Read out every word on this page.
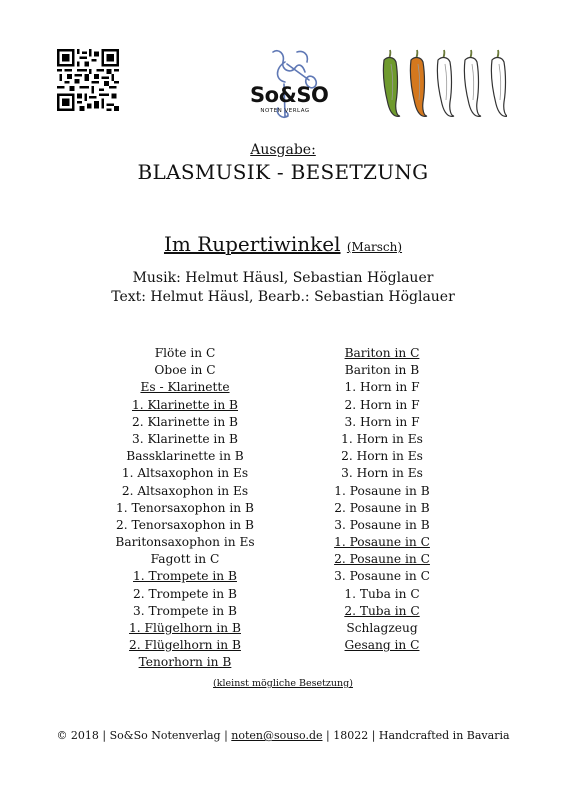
So&SO
NOTEN VERLAG
Ausgabe:
BLASMUSIK - BESETZUNG
Im Rupertiwinkel (Marsch)
Musik: Helmut Häusl, Sebastian Höglauer
Text: Helmut Häusl, Bearb.: Sebastian Höglauer
Flöte in C
Oboe in C
Es - Klarinette
1. Klarinette in B
2. Klarinette in B
3. Klarinette in B
Bassklarinette in B
1. Altsaxophon in Es
2. Altsaxophon in Es
1. Tenorsaxophon in B
2. Tenorsaxophon in B
Baritonsaxophon in Es
Fagott in C
1. Trompete in B
2. Trompete in B
3. Trompete in B
1. Flügelhorn in B
2. Flügelhorn in B
Tenorhorn in B
Bariton in C
Bariton in B
1. Horn in F
2. Horn in F
3. Horn in F
1. Horn in Es
2. Horn in Es
3. Horn in Es
1. Posaune in B
2. Posaune in B
3. Posaune in B
1. Posaune in C
2. Posaune in C
3. Posaune in C
1. Tuba in C
2. Tuba in C
Schlagzeug
Gesang in C
(kleinst mögliche Besetzung)
© 2018 | So&So Notenverlag | noten@souso.de | 18022 | Handcrafted in Bavaria
